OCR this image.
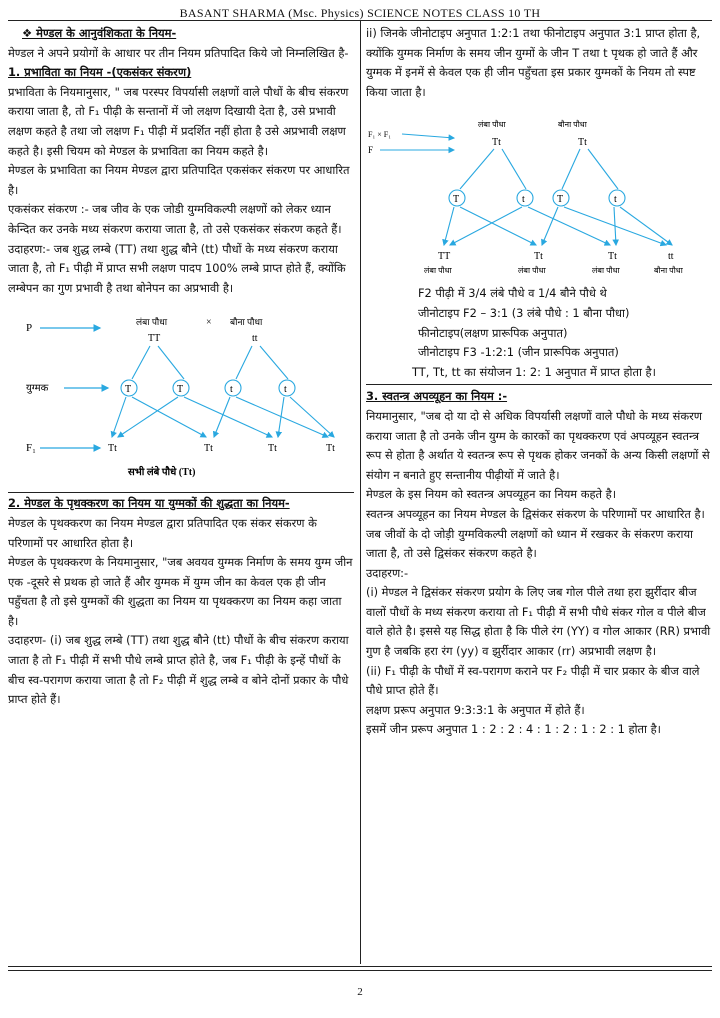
BASANT SHARMA (Msc. Physics) SCIENCE NOTES CLASS 10 TH

❖ मेण्डल के आनुवंशिकता के नियम-

मेण्डल ने अपने प्रयोगों के आधार पर तीन नियम प्रतिपादित किये जो निम्नलिखित है-

1. प्रभाविता का नियम -(एकसंकर संकरण)

प्रभाविता के नियमानुसार, " जब परस्पर विपर्यासी लक्षणों वाले पौधों के बीच संकरण कराया जाता है, तो F₁ पीढ़ी के सन्तानों में जो लक्षण दिखायी देता है, उसे प्रभावी लक्षण कहते है तथा जो लक्षण F₁ पीढ़ी में प्रदर्शित नहीं होता है उसे अप्रभावी लक्षण कहते है। इसी चियम को मेण्डल के प्रभाविता का नियम कहते है।

मेण्डल के प्रभाविता का नियम मेण्डल द्वारा प्रतिपादित एकसंकर संकरण पर आधारित है।

एकसंकर संकरण :- जब जीव के एक जोडी युग्मविकल्पी लक्षणों को लेकर ध्यान केन्दित कर उनके मध्य संकरण कराया जाता है, तो उसे एकसंकर संकरण कहते हैं।

उदाहरण:- जब शुद्ध लम्बे (TT) तथा शुद्ध बौने (tt) पौधों के मध्य संकरण कराया जाता है, तो F₁ पीढ़ी में प्राप्त सभी लक्षण पादप 100% लम्बे प्राप्त होते हैं, क्योंकि लम्बेपन का गुण प्रभावी है तथा बोनेपन का अप्रभावी है।

P
युग्मक
F₁
लंबा पौधा	× बौना पौधा
TT	tt
T	T	t	t
Tt	Tt	Tt	Tt
सभी लंबे पौधे (Tt)

2. मेण्डल के पृथक्करण का नियम या युग्मकों की शुद्धता का नियम-

मेण्डल के पृथक्करण का नियम मेण्डल द्वारा प्रतिपादित एक संकर संकरण के परिणामों पर आधारित होता है।

मेण्डल के पृथक्करण के नियमानुसार, "जब अवयव युग्मक निर्माण के समय युग्म जीन एक -दूसरे से प्रथक हो जाते हैं और युग्मक में युग्म जीन का केवल एक ही जीन पहुँचता है तो इसे युग्मकों की शुद्धता का नियम या पृथक्करण का नियम कहा जाता है।

उदाहरण- (i) जब शुद्ध लम्बे (TT) तथा शुद्ध बौने (tt) पौधों के बीच संकरण कराया जाता है तो F₁ पीढ़ी में सभी पौधे लम्बे प्राप्त होते है, जब F₁ पीढ़ी के इन्हें पौधों के बीच स्व-परागण कराया जाता है तो F₂ पीढ़ी में शुद्ध लम्बे व बोने दोनों प्रकार के पौधे प्राप्त होते हैं।

ii) जिनके जीनोटाइप अनुपात 1:2:1 तथा फीनोटाइप अनुपात 3:1 प्राप्त होता है, क्योंकि युग्मक निर्माण के समय जीन युग्मों के जीन T तथा t पृथक हो जाते हैं और युग्मक में इनमें से केवल एक ही जीन पहुँचता इस प्रकार युग्मकों के नियम तो स्पष्ट किया जाता है।

F₁ × F₁
F
लंबा पौधा	बौना पौधा
Tt	Tt
T	t	T	t
TT	Tt	Tt	tt
लंबा पौधा	लंबा पौधा	लंबा पौधा	बौना पौधा

F2 पीढ़ी में 3/4 लंबे पौधे व 1/4 बौने पौधे थे

जीनोटाइप F2 – 3:1 (3 लंबे पौधे : 1 बौना पौधा)

फीनोटाइप(लक्षण प्रारूपिक अनुपात)

जीनोटाइप F3 -1:2:1 (जीन प्रारूपिक अनुपात)

TT, Tt, tt का संयोजन 1: 2: 1 अनुपात में प्राप्त होता है।

3. स्वतन्त्र अपव्यूहन का नियम :-

नियमानुसार, "जब दो या दो से अधिक विपर्यासी लक्षणों वाले पौधो के मध्य संकरण कराया जाता है तो उनके जीन युग्म के कारकों का पृथक्करण एवं अपव्यूहन स्वतन्त्र रूप से होता है अर्थात ये स्वतन्त्र रूप से पृथक होकर जनकों के अन्य किसी लक्षणों से संयोग न बनाते हुए सन्तानीय पीढ़ीयों में जाते है।

मेण्डल के इस नियम को स्वतन्त्र अपव्यूहन का नियम कहते है।

स्वतन्त्र अपव्यूहन का नियम मेण्डल के द्विसंकर संकरण के परिणामों पर आधारित है।

जब जीवों के दो जोड़ी युग्मविकल्पी लक्षणों को ध्यान में रखकर के संकरण कराया जाता है, तो उसे द्विसंकर संकरण कहते है।

उदाहरण:-

(i) मेण्डल ने द्विसंकर संकरण प्रयोग के लिए जब गोल पीले तथा हरा झुर्रीदार बीज वालों पौधों के मध्य संकरण कराया तो F₁ पीढ़ी में सभी पौधे संकर गोल व पीले बीज वाले होते है। इससे यह सिद्ध होता है कि पीले रंग (YY) व गोल आकार (RR) प्रभावी गुण है जबकि हरा रंग (yy) व झुर्रीदार आकार (rr) अप्रभावी लक्षण है।

(ii) F₁ पीढ़ी के पौधों में स्व-परागण कराने पर F₂ पीढ़ी में चार प्रकार के बीज वाले पौधे प्राप्त होते हैं।

लक्षण प्ररूप अनुपात 9:3:3:1 के अनुपात में होते हैं।

इसमें जीन प्ररूप अनुपात 1 : 2 : 2 : 4 : 1 : 2 : 1 : 2 : 1 होता है।

2
